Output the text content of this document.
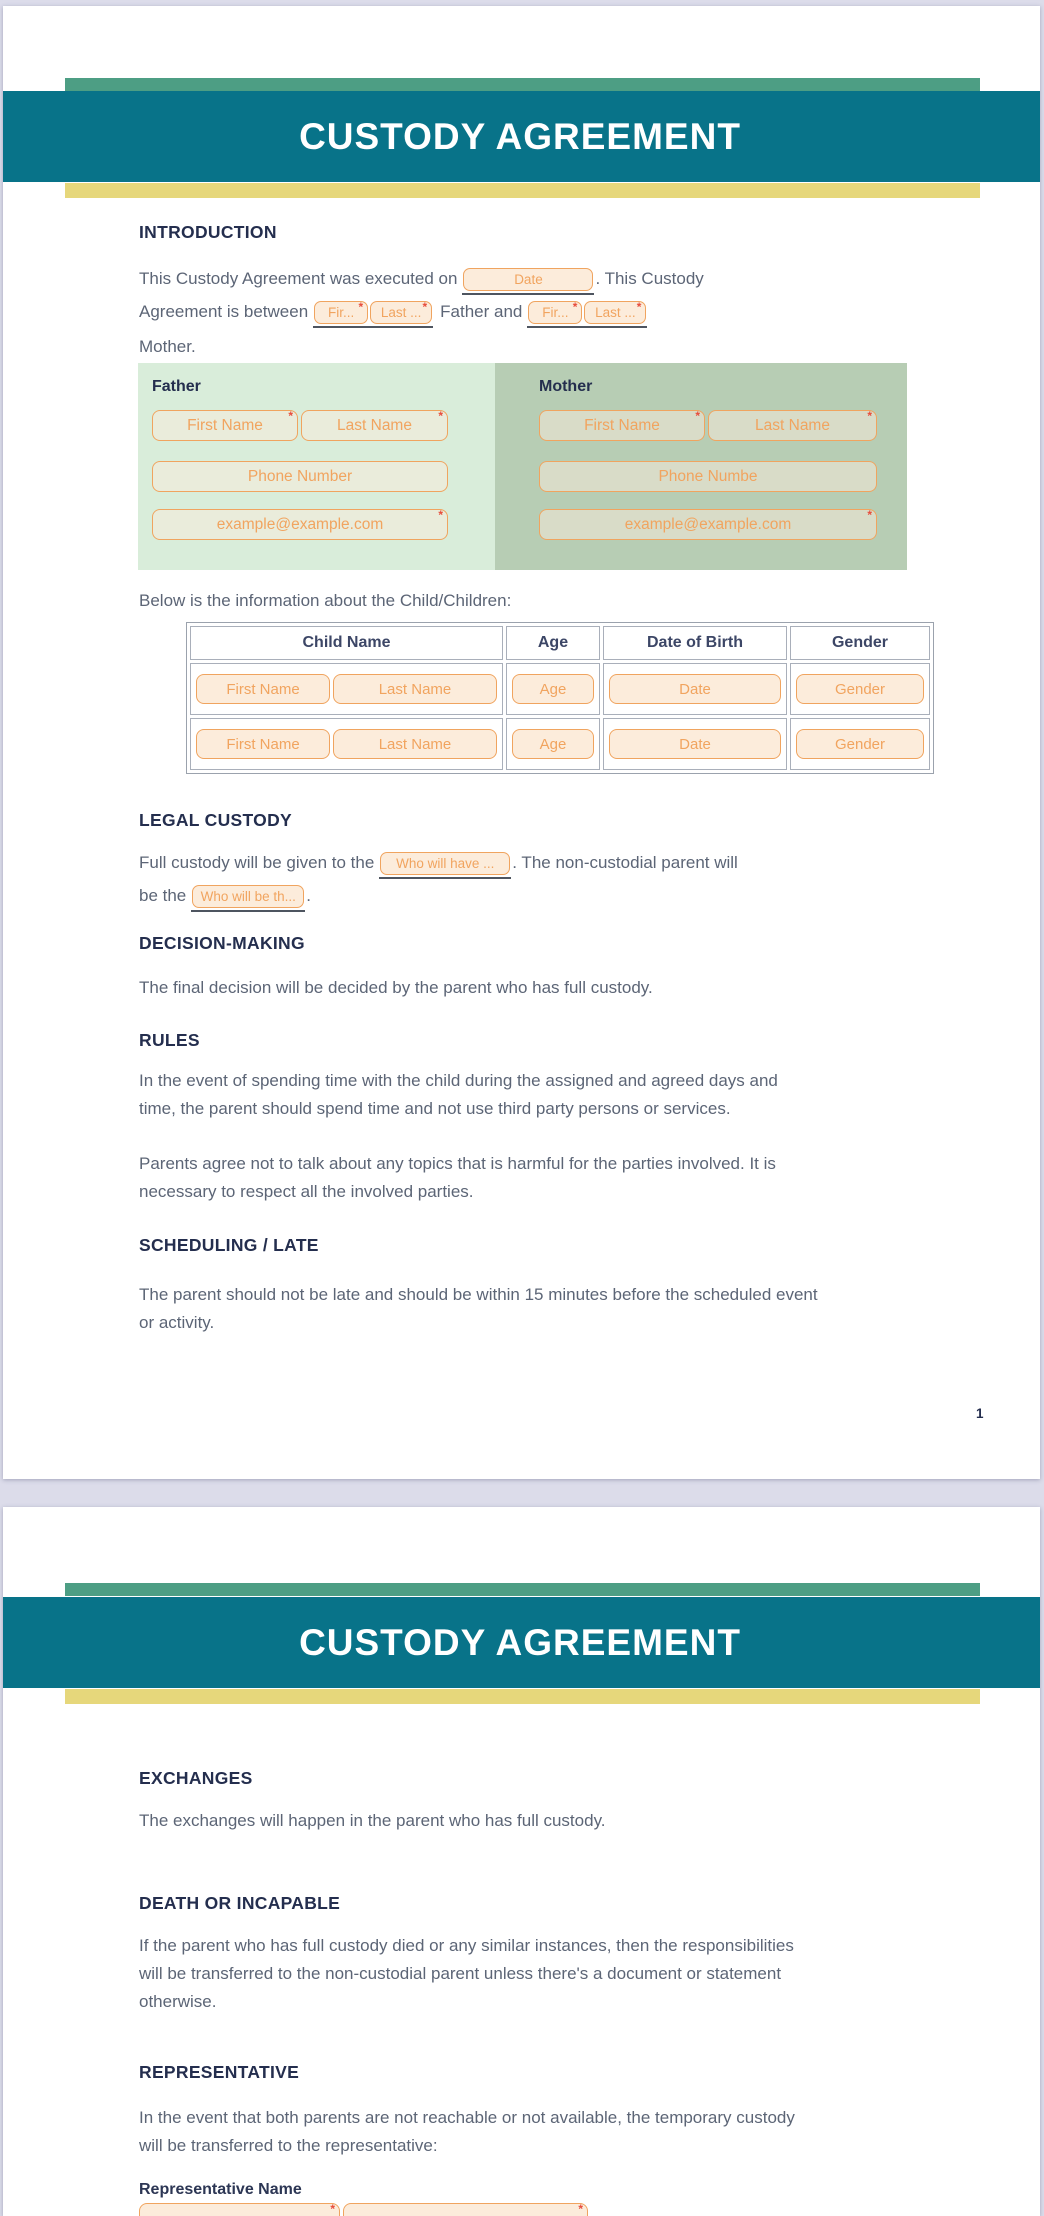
CUSTODY AGREEMENT
INTRODUCTION
This Custody Agreement was executed on	Date	. This Custody
Agreement is between Fir... * Last ... * Father and Fir... * Last ... *
Mother.
Father
First Name
*
Last Name
*
Phone Number
example@example.com
*
Mother
First Name
*
Last Name
*
Phone Numbe
example@example.com
*
Below is the information about the Child/Children:
Child Name	Age	Date of Birth	Gender

First Name Last Name	Age	Date	Gender

First Name Last Name	Age	Date	Gender
LEGAL CUSTODY
Full custody will be given to the Who will have ... . The non-custodial parent will
be the Who will be th... .
DECISION-MAKING
The final decision will be decided by the parent who has full custody.
RULES
In the event of spending time with the child during the assigned and agreed days and time, the parent should spend time and not use third party persons or services.
Parents agree not to talk about any topics that is harmful for the parties involved. It is necessary to respect all the involved parties.
SCHEDULING / LATE
The parent should not be late and should be within 15 minutes before the scheduled event or activity.
1
CUSTODY AGREEMENT
EXCHANGES
The exchanges will happen in the parent who has full custody.
DEATH OR INCAPABLE
If the parent who has full custody died or any similar instances, then the responsibilities will be transferred to the non-custodial parent unless there's a document or statement otherwise.
REPRESENTATIVE
In the event that both parents are not reachable or not available, the temporary custody will be transferred to the representative:
Representative Name
*	*
